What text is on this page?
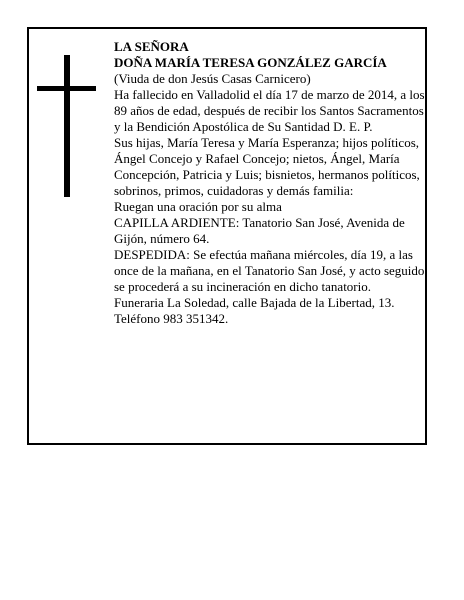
LA SEÑORA

DOÑA MARÍA TERESA GONZÁLEZ GARCÍA

(Viuda de don Jesús Casas Carnicero)

Ha fallecido en Valladolid el día 17 de marzo de 2014, a los 89 años de edad, después de recibir los Santos Sacramentos y la Bendición Apostólica de Su Santidad D. E. P.

Sus hijas, María Teresa y María Esperanza; hijos políticos, Ángel Concejo y Rafael Concejo; nietos, Ángel, María Concepción, Patricia y Luis; bisnietos, hermanos políticos, sobrinos, primos, cuidadoras y demás familia:

Ruegan una oración por su alma

CAPILLA ARDIENTE: Tanatorio San José, Avenida de Gijón, número 64.

DESPEDIDA: Se efectúa mañana miércoles, día 19, a las once de la mañana, en el Tanatorio San José, y acto seguido se procederá a su incineración en dicho tanatorio.

Funeraria La Soledad, calle Bajada de la Libertad, 13. Teléfono 983 351342.
